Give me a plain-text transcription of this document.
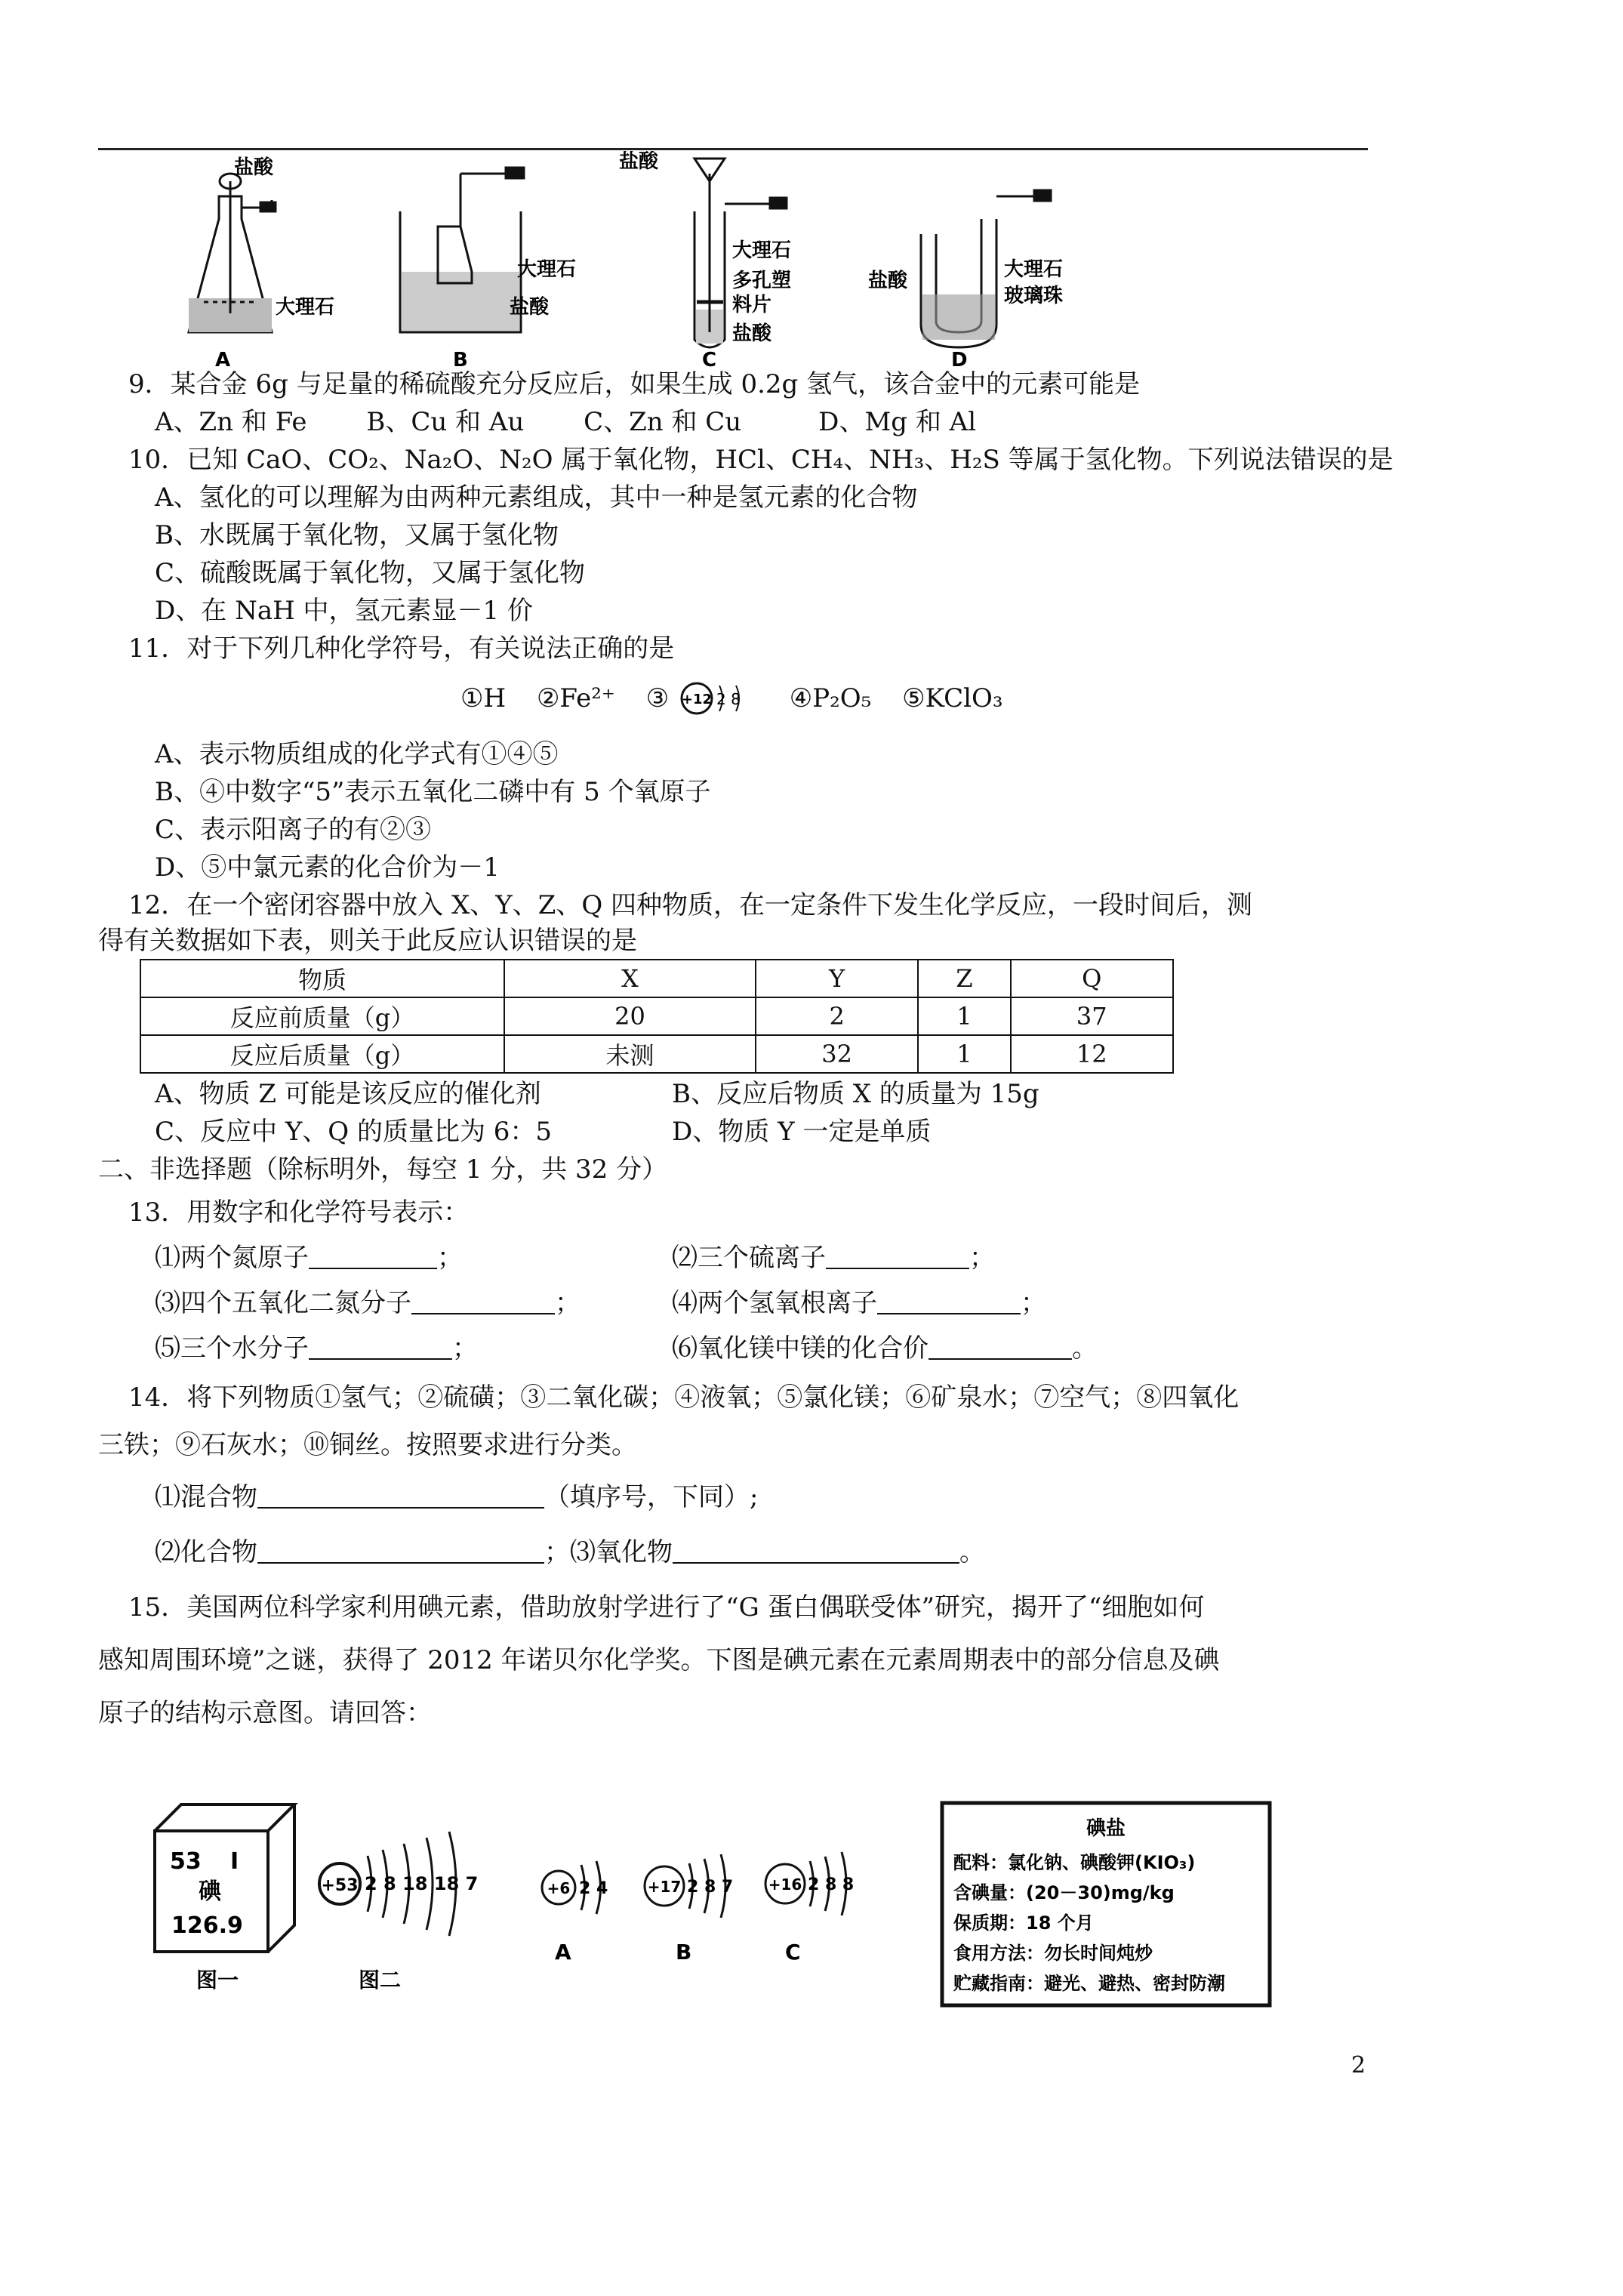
盐酸
大理石
大理石
盐酸
盐酸
大理石
多孔塑
料片
盐酸
盐酸	大理石
玻璃珠
A	B	C	D
9．某合金 6g 与足量的稀硫酸充分反应后，如果生成 0.2g 氢气，该合金中的元素可能是
A、Zn 和 Fe　　 B、Cu 和 Au　　 C、Zn 和 Cu　　　D、Mg 和 Al
10．已知 CaO、CO₂、Na₂O、N₂O 属于氧化物，HCl、CH₄、NH₃、H₂S 等属于氢化物。下列说法错误的是
A、氢化的可以理解为由两种元素组成，其中一种是氢元素的化合物
B、水既属于氧化物，又属于氢化物
C、硫酸既属于氧化物，又属于氢化物
D、在 NaH 中，氢元素显－1 价
11．对于下列几种化学符号，有关说法正确的是
①H ②Fe²⁺ ③ +12 2 8 ④P₂O₅ ⑤KClO₃
A、表示物质组成的化学式有①④⑤
B、④中数字“5”表示五氧化二磷中有 5 个氧原子
C、表示阳离子的有②③
D、⑤中氯元素的化合价为－1
12．在一个密闭容器中放入 X、Y、Z、Q 四种物质，在一定条件下发生化学反应，一段时间后，测
得有关数据如下表，则关于此反应认识错误的是
物质	X	Y	Z	Q
反应前质量（g）	20	2	1	37
反应后质量（g）	未测	32	1	12
A、物质 Z 可能是该反应的催化剂	B、反应后物质 X 的质量为 15g
C、反应中 Y、Q 的质量比为 6：5	D、物质 Y 一定是单质
二、非选择题（除标明外，每空 1 分，共 32 分）
13．用数字和化学符号表示：
⑴两个氮原子	；	⑵三个硫离子	；
⑶四个五氧化二氮分子	；	⑷两个氢氧根离子	；
⑸三个水分子	；	⑹氧化镁中镁的化合价	。
14．将下列物质①氢气；②硫磺；③二氧化碳；④液氧；⑤氯化镁；⑥矿泉水；⑦空气；⑧四氧化
三铁；⑨石灰水；⑩铜丝。按照要求进行分类。
⑴混合物	（填序号，下同）;
⑵化合物	；⑶氧化物	。
15．美国两位科学家利用碘元素，借助放射学进行了“G 蛋白偶联受体”研究，揭开了“细胞如何
感知周围环境”之谜，获得了 2012 年诺贝尔化学奖。下图是碘元素在元素周期表中的部分信息及碘
原子的结构示意图。请回答：
53 I
碘
126.9
图一
+53 2 8 18 18 7
图二
+6 2 4
A
+17 2 8 7
B
+16 2 8 8
C
碘盐
配料：氯化钠、碘酸钾(KIO₃)
含碘量：(20－30)mg/kg
保质期：18 个月
食用方法：勿长时间炖炒
贮藏指南：避光、避热、密封防潮
2
